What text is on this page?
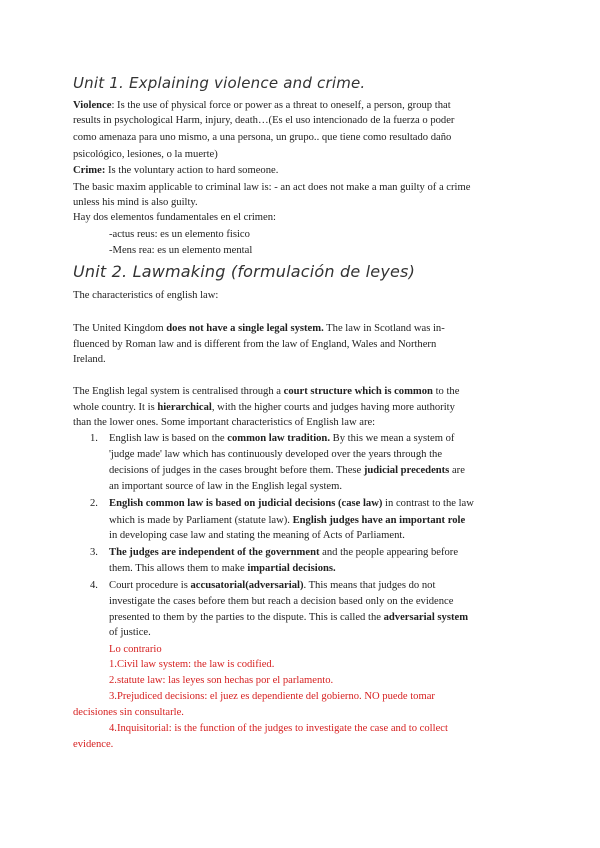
Unit 1. Explaining violence and crime.
Violence: Is the use of physical force or power as a threat to oneself, a person, group that
results in psychological Harm, injury, death…(Es el uso intencionado de la fuerza o poder
como amenaza para uno mismo, a una persona, un grupo.. que tiene como resultado daño
psicológico, lesiones, o la muerte)
Crime: Is the voluntary action to hard someone.
The basic maxim applicable to criminal law is: - an act does not make a man guilty of a crime
unless his mind is also guilty.
Hay dos elementos fundamentales en el crimen:
-actus reus: es un elemento fisico
-Mens rea: es un elemento mental
Unit 2. Lawmaking (formulación de leyes)
The characteristics of english law:
The United Kingdom does not have a single legal system. The law in Scotland was in-
fluenced by Roman law and is different from the law of England, Wales and Northern
Ireland.
The English legal system is centralised through a court structure which is common to the
whole country. It is hierarchical, with the higher courts and judges having more authority
than the lower ones. Some important characteristics of English law are:
1. English law is based on the common law tradition. By this we mean a system of
'judge made' law which has continuously developed over the years through the
decisions of judges in the cases brought before them. These judicial precedents are
an important source of law in the English legal system.
2. English common law is based on judicial decisions (case law) in contrast to the law
which is made by Parliament (statute law). English judges have an important role
in developing case law and stating the meaning of Acts of Parliament.
3. The judges are independent of the government and the people appearing before
them. This allows them to make impartial decisions.
4. Court procedure is accusatorial(adversarial). This means that judges do not
investigate the cases before them but reach a decision based only on the evidence
presented to them by the parties to the dispute. This is called the adversarial system
of justice.
Lo contrario
1.Civil law system: the law is codified.
2.statute law: las leyes son hechas por el parlamento.
3.Prejudiced decisions: el juez es dependiente del gobierno. NO puede tomar
decisiones sin consultarle.
4.Inquisitorial: is the function of the judges to investigate the case and to collect
evidence.
